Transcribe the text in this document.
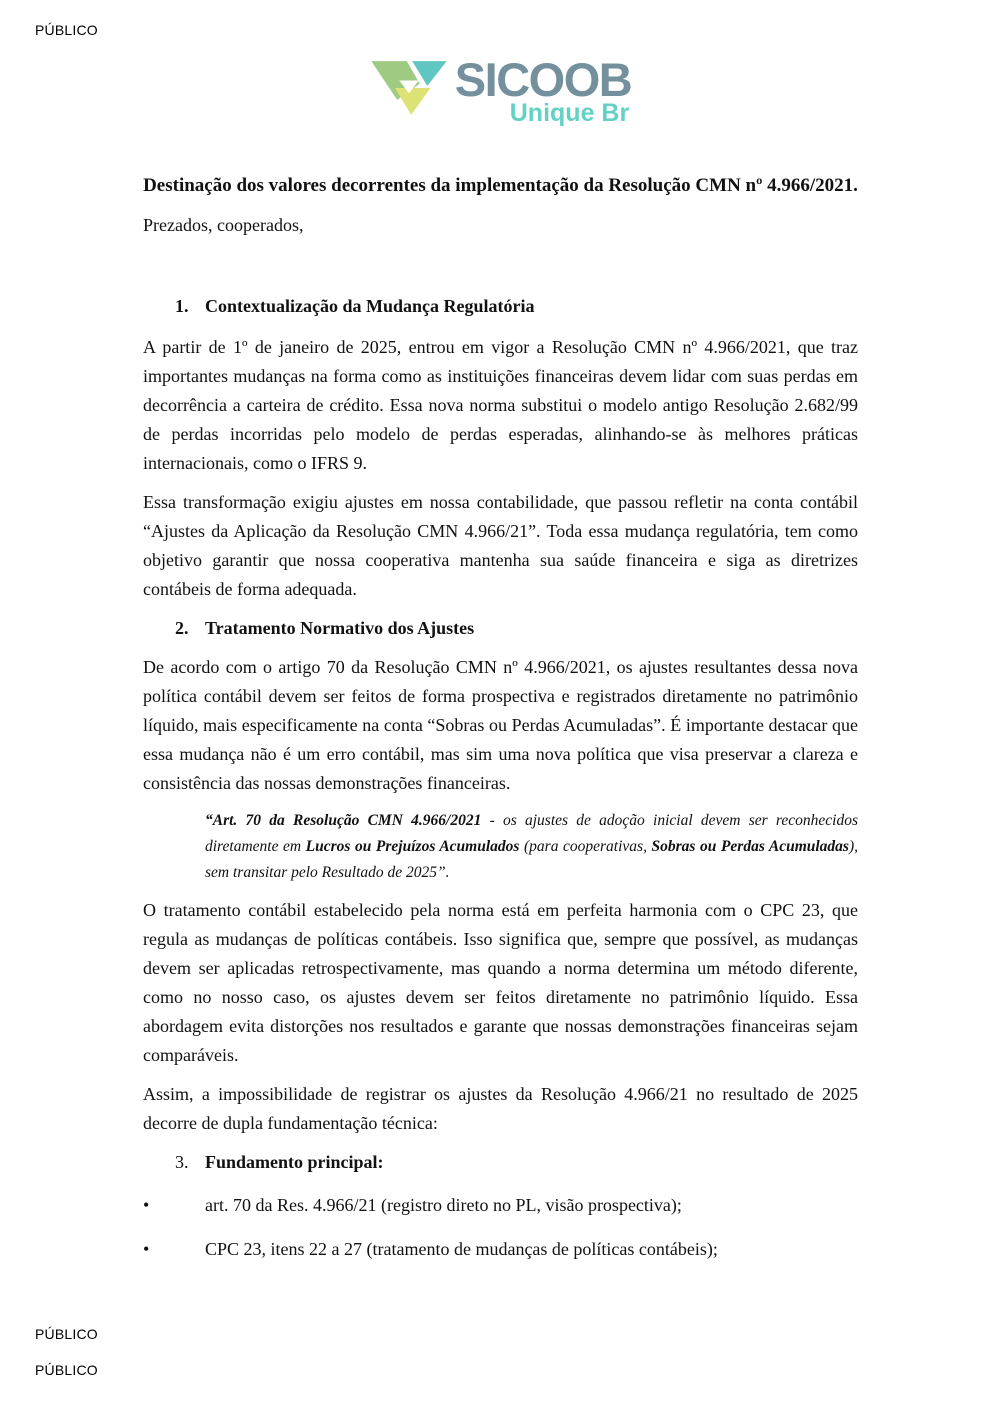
PÚBLICO
SICOOB
Unique Br
Destinação dos valores decorrentes da implementação da Resolução CMN nº 4.966/2021.

Prezados, cooperados,

1. Contextualização da Mudança Regulatória

A partir de 1º de janeiro de 2025, entrou em vigor a Resolução CMN nº 4.966/2021, que traz importantes mudanças na forma como as instituições financeiras devem lidar com suas perdas em decorrência a carteira de crédito. Essa nova norma substitui o modelo antigo Resolução 2.682/99 de perdas incorridas pelo modelo de perdas esperadas, alinhando-se às melhores práticas internacionais, como o IFRS 9.

Essa transformação exigiu ajustes em nossa contabilidade, que passou refletir na conta contábil “Ajustes da Aplicação da Resolução CMN 4.966/21”. Toda essa mudança regulatória, tem como objetivo garantir que nossa cooperativa mantenha sua saúde financeira e siga as diretrizes contábeis de forma adequada.

2. Tratamento Normativo dos Ajustes

De acordo com o artigo 70 da Resolução CMN nº 4.966/2021, os ajustes resultantes dessa nova política contábil devem ser feitos de forma prospectiva e registrados diretamente no patrimônio líquido, mais especificamente na conta “Sobras ou Perdas Acumuladas”. É importante destacar que essa mudança não é um erro contábil, mas sim uma nova política que visa preservar a clareza e consistência das nossas demonstrações financeiras.

“Art. 70 da Resolução CMN 4.966/2021 - os ajustes de adoção inicial devem ser reconhecidos diretamente em Lucros ou Prejuízos Acumulados (para cooperativas, Sobras ou Perdas Acumuladas), sem transitar pelo Resultado de 2025”.

O tratamento contábil estabelecido pela norma está em perfeita harmonia com o CPC 23, que regula as mudanças de políticas contábeis. Isso significa que, sempre que possível, as mudanças devem ser aplicadas retrospectivamente, mas quando a norma determina um método diferente, como no nosso caso, os ajustes devem ser feitos diretamente no patrimônio líquido. Essa abordagem evita distorções nos resultados e garante que nossas demonstrações financeiras sejam comparáveis.

Assim, a impossibilidade de registrar os ajustes da Resolução 4.966/21 no resultado de 2025 decorre de dupla fundamentação técnica:

3. Fundamento principal:
•	art. 70 da Res. 4.966/21 (registro direto no PL, visão prospectiva);
•	CPC 23, itens 22 a 27 (tratamento de mudanças de políticas contábeis);
PÚBLICO
PÚBLICO
